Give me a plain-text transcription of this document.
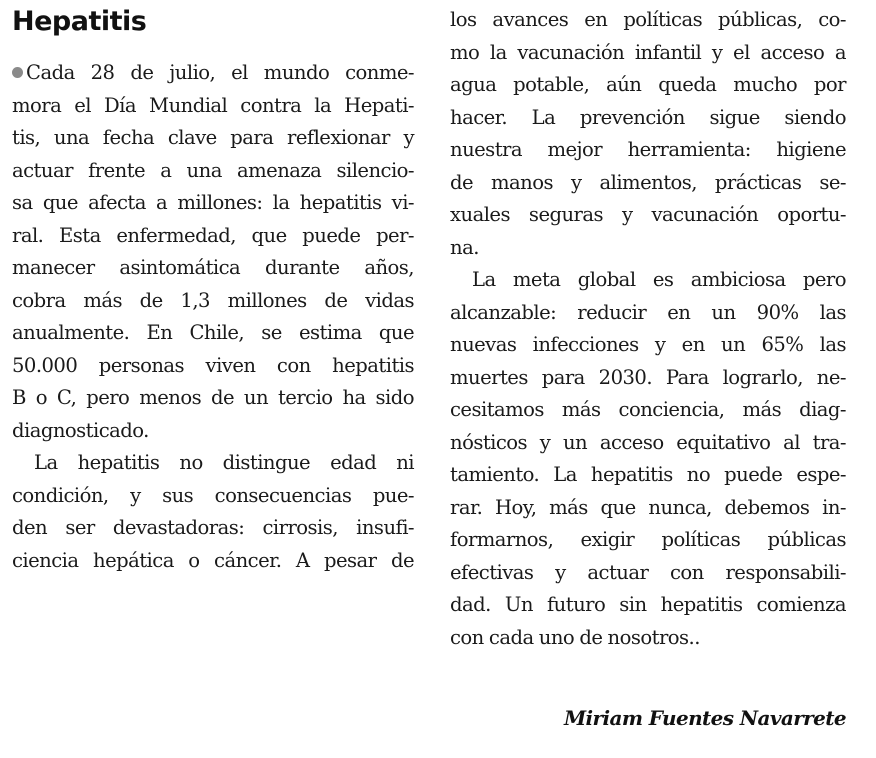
Hepatitis
Cada 28 de julio, el mundo conme-
mora el Día Mundial contra la Hepati-
tis, una fecha clave para reflexionar y
actuar frente a una amenaza silencio-
sa que afecta a millones: la hepatitis vi-
ral. Esta enfermedad, que puede per-
manecer asintomática durante años,
cobra más de 1,3 millones de vidas
anualmente. En Chile, se estima que
50.000 personas viven con hepatitis
B o C, pero menos de un tercio ha sido
diagnosticado.
La hepatitis no distingue edad ni
condición, y sus consecuencias pue-
den ser devastadoras: cirrosis, insufi-
ciencia hepática o cáncer. A pesar de
los avances en políticas públicas, co-
mo la vacunación infantil y el acceso a
agua potable, aún queda mucho por
hacer. La prevención sigue siendo
nuestra mejor herramienta: higiene
de manos y alimentos, prácticas se-
xuales seguras y vacunación oportu-
na.
La meta global es ambiciosa pero
alcanzable: reducir en un 90% las
nuevas infecciones y en un 65% las
muertes para 2030. Para lograrlo, ne-
cesitamos más conciencia, más diag-
nósticos y un acceso equitativo al tra-
tamiento. La hepatitis no puede espe-
rar. Hoy, más que nunca, debemos in-
formarnos, exigir políticas públicas
efectivas y actuar con responsabili-
dad. Un futuro sin hepatitis comienza
con cada uno de nosotros..
Miriam Fuentes Navarrete
